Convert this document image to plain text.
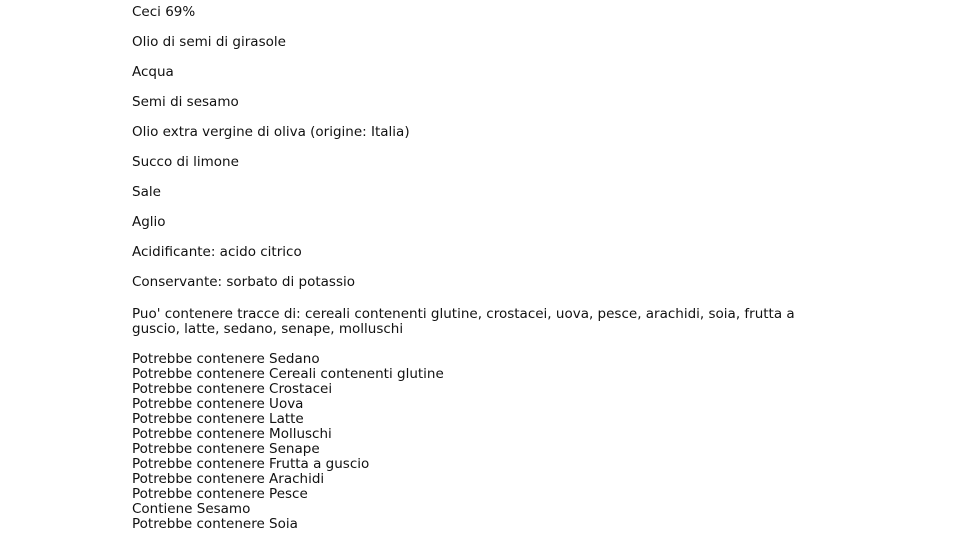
Ceci 69%
Olio di semi di girasole
Acqua
Semi di sesamo
Olio extra vergine di oliva (origine: Italia)
Succo di limone
Sale
Aglio
Acidificante: acido citrico
Conservante: sorbato di potassio
Puo' contenere tracce di: cereali contenenti glutine, crostacei, uova, pesce, arachidi, soia, frutta a guscio, latte, sedano, senape, molluschi
Potrebbe contenere Sedano
Potrebbe contenere Cereali contenenti glutine
Potrebbe contenere Crostacei
Potrebbe contenere Uova
Potrebbe contenere Latte
Potrebbe contenere Molluschi
Potrebbe contenere Senape
Potrebbe contenere Frutta a guscio
Potrebbe contenere Arachidi
Potrebbe contenere Pesce
Contiene Sesamo
Potrebbe contenere Soia
